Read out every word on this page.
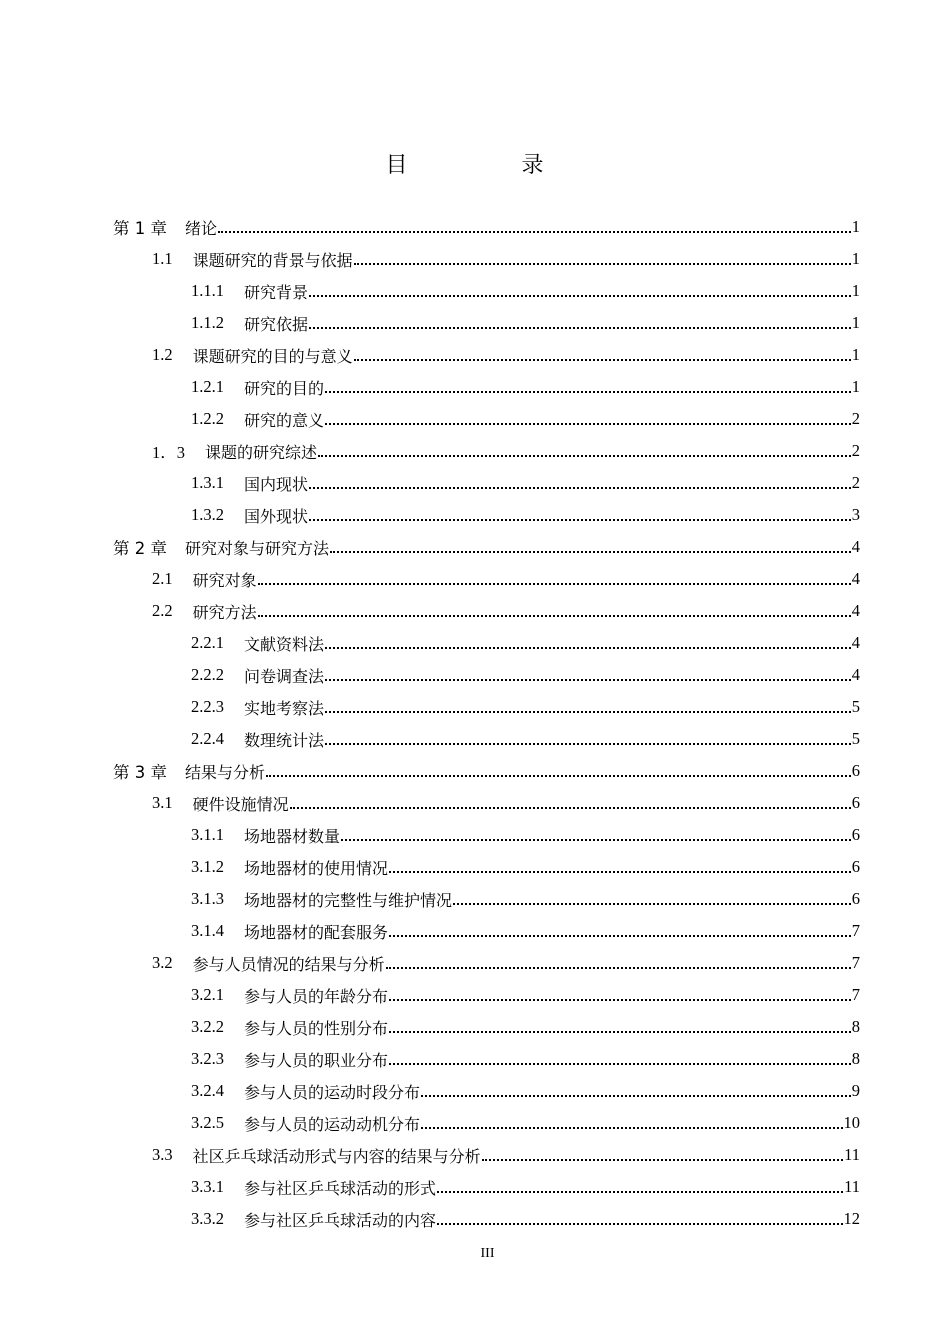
目　录
第 1 章 绪论	1
1.1 课题研究的背景与依据	1
1.1.1 研究背景	1
1.1.2 研究依据	1
1.2 课题研究的目的与意义	1
1.2.1 研究的目的	1
1.2.2 研究的意义	2
1．3 课题的研究综述	2
1.3.1 国内现状	2
1.3.2 国外现状	3
第 2 章 研究对象与研究方法	4
2.1 研究对象	4
2.2 研究方法	4
2.2.1 文献资料法	4
2.2.2 问卷调查法	4
2.2.3 实地考察法	5
2.2.4 数理统计法	5
第 3 章 结果与分析	6
3.1 硬件设施情况	6
3.1.1 场地器材数量	6
3.1.2 场地器材的使用情况	6
3.1.3 场地器材的完整性与维护情况	6
3.1.4 场地器材的配套服务	7
3.2 参与人员情况的结果与分析	7
3.2.1 参与人员的年龄分布	7
3.2.2 参与人员的性别分布	8
3.2.3 参与人员的职业分布	8
3.2.4 参与人员的运动时段分布	9
3.2.5 参与人员的运动动机分布	10
3.3 社区乒乓球活动形式与内容的结果与分析	11
3.3.1 参与社区乒乓球活动的形式	11
3.3.2 参与社区乒乓球活动的内容	12
III
